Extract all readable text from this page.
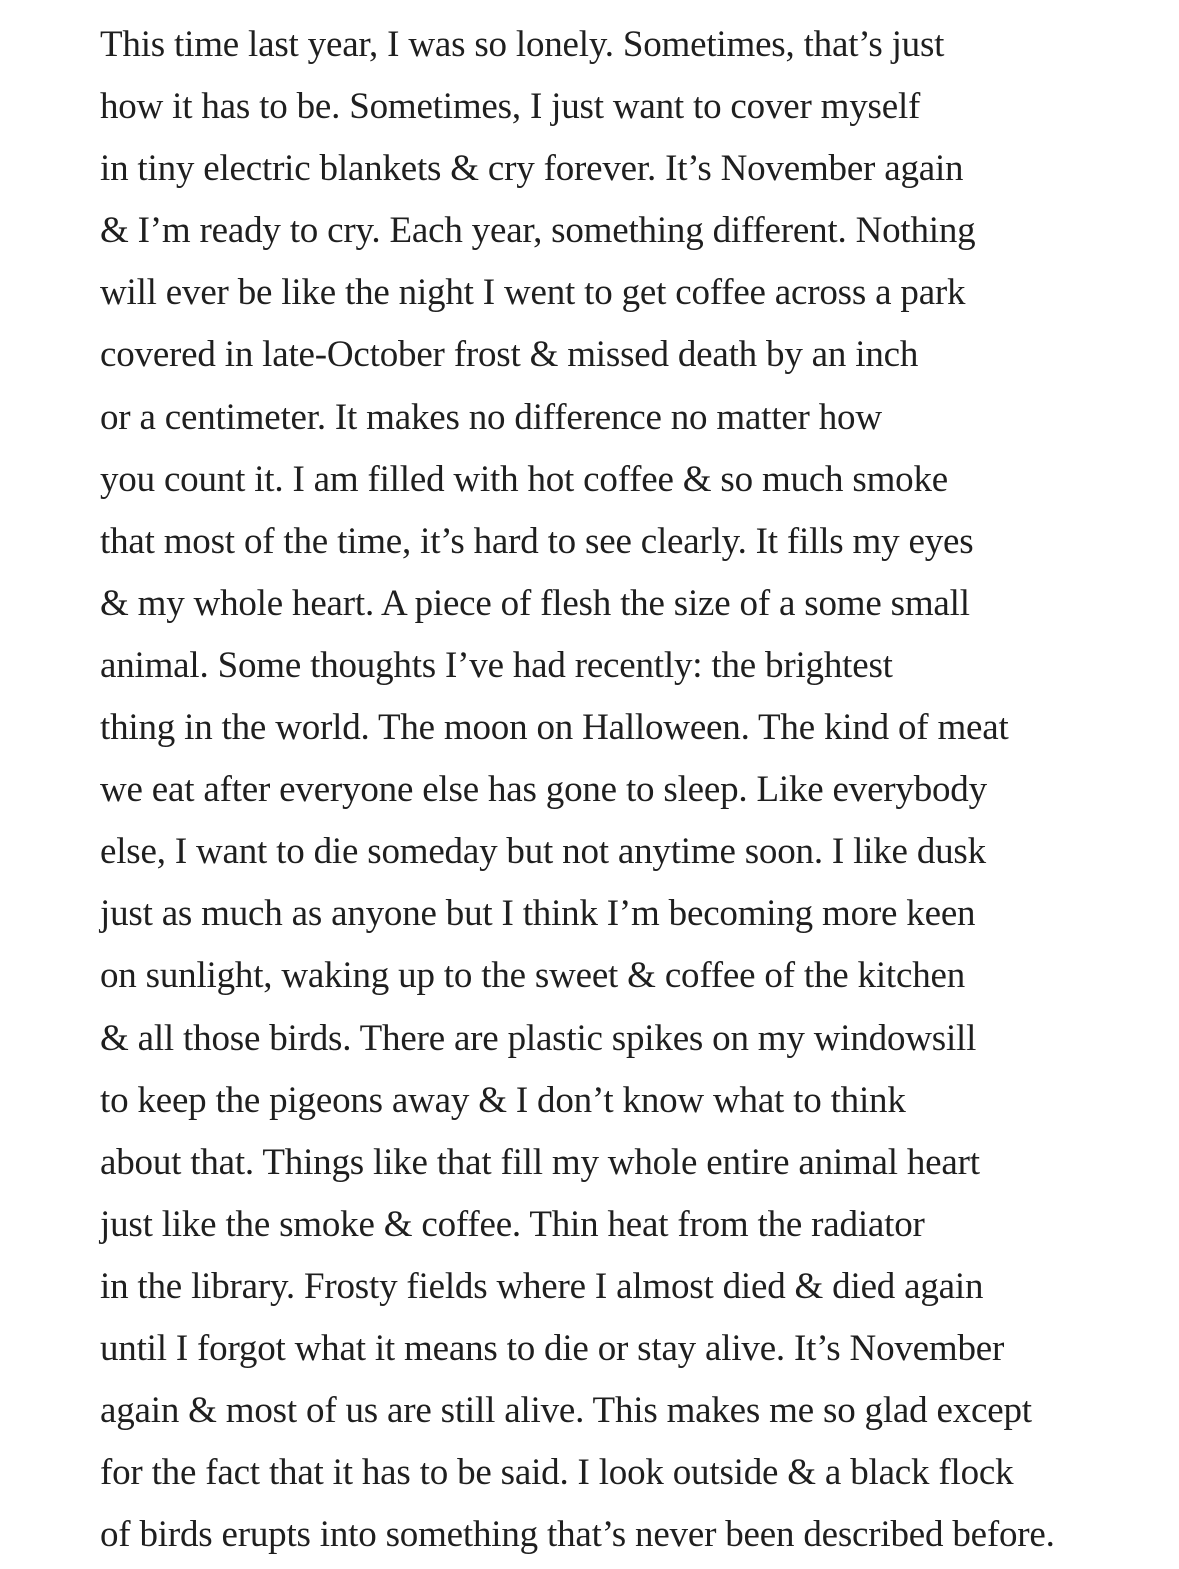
This time last year, I was so lonely. Sometimes, that’s just
how it has to be. Sometimes, I just want to cover myself
in tiny electric blankets & cry forever. It’s November again
& I’m ready to cry. Each year, something different. Nothing
will ever be like the night I went to get coffee across a park
covered in late-October frost & missed death by an inch
or a centimeter. It makes no difference no matter how
you count it. I am filled with hot coffee & so much smoke
that most of the time, it’s hard to see clearly. It fills my eyes
& my whole heart. A piece of flesh the size of a some small
animal. Some thoughts I’ve had recently: the brightest
thing in the world. The moon on Halloween. The kind of meat
we eat after everyone else has gone to sleep. Like everybody
else, I want to die someday but not anytime soon. I like dusk
just as much as anyone but I think I’m becoming more keen
on sunlight, waking up to the sweet & coffee of the kitchen
& all those birds. There are plastic spikes on my windowsill
to keep the pigeons away & I don’t know what to think
about that. Things like that fill my whole entire animal heart
just like the smoke & coffee. Thin heat from the radiator
in the library. Frosty fields where I almost died & died again
until I forgot what it means to die or stay alive. It’s November
again & most of us are still alive. This makes me so glad except
for the fact that it has to be said. I look outside & a black flock
of birds erupts into something that’s never been described before.
